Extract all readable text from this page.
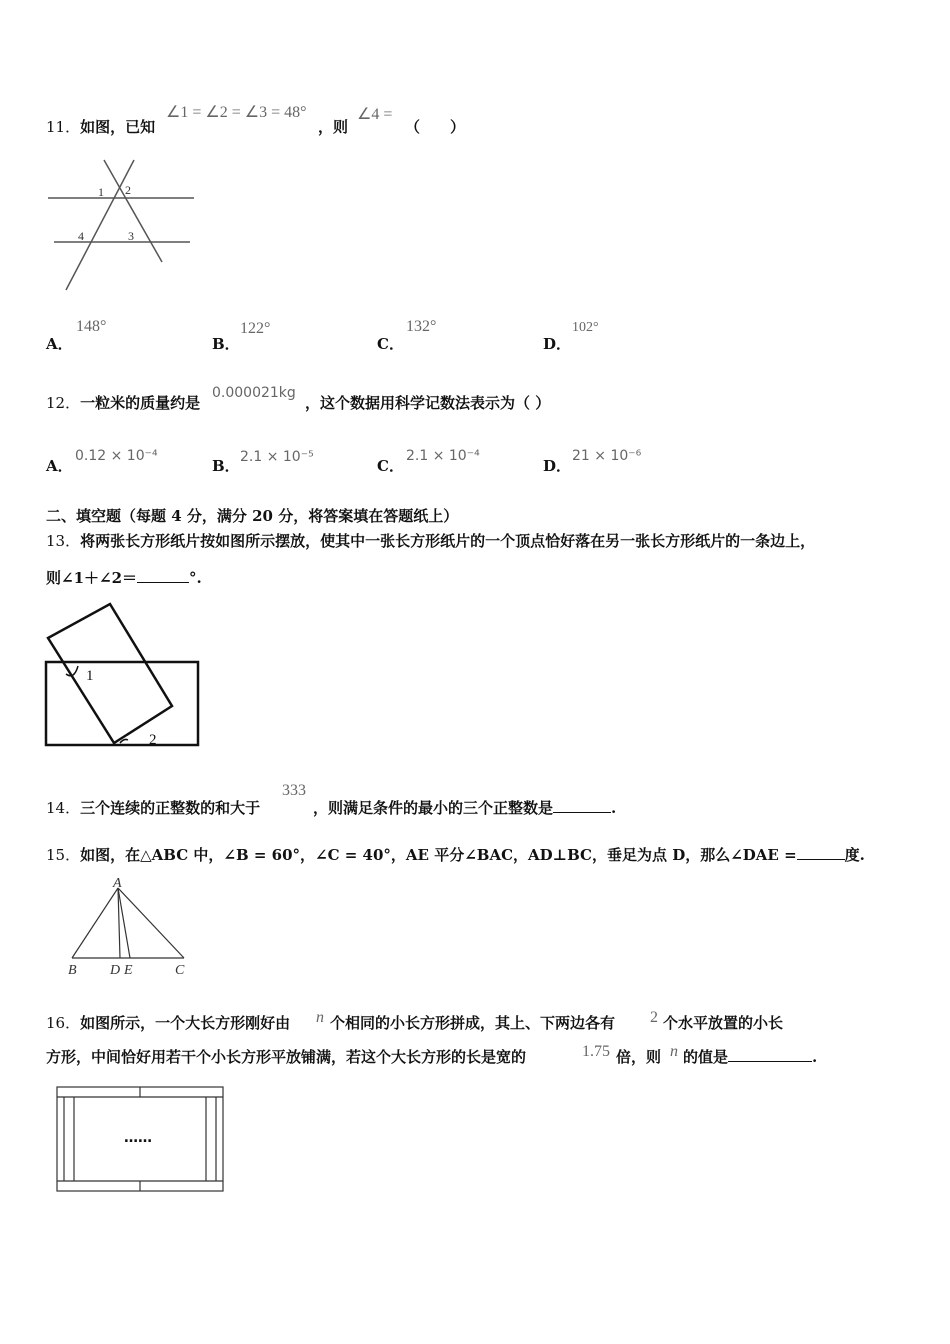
11．如图，已知
∠1 = ∠2 = ∠3 = 48°
，则
∠4 =
（　　）
1 2
4	3
A．
148°
B．
122°
C．
132°
D．
102°
12．一粒米的质量约是
0.000021kg
，这个数据用科学记数法表示为（ ）
A．
0.12 × 10⁻⁴
B． 2.1 × 10⁻⁵	C．
2.1 × 10⁻⁴
D．
21 × 10⁻⁶
二、填空题（每题 4 分，满分 20 分，将答案填在答题纸上）
13．将两张长方形纸片按如图所示摆放，使其中一张长方形纸片的一个顶点恰好落在另一张长方形纸片的一条边上，
则∠1＋∠2＝	°.
1
2
14．三个连续的正整数的和大于
333
，则满足条件的最小的三个正整数是	.
15．如图，在△ABC 中，∠B = 60°，∠C = 40°，AE 平分∠BAC，AD⊥BC，垂足为点 D，那么∠DAE =	度.
A
B D E	C
16．如图所示，一个大长方形刚好由 n 个相同的小长方形拼成，其上、下两边各有 2 个水平放置的小长
方形，中间恰好用若干个小长方形平放铺满，若这个大长方形的长是宽的	1.75 倍，则 n 的值是	.
……
